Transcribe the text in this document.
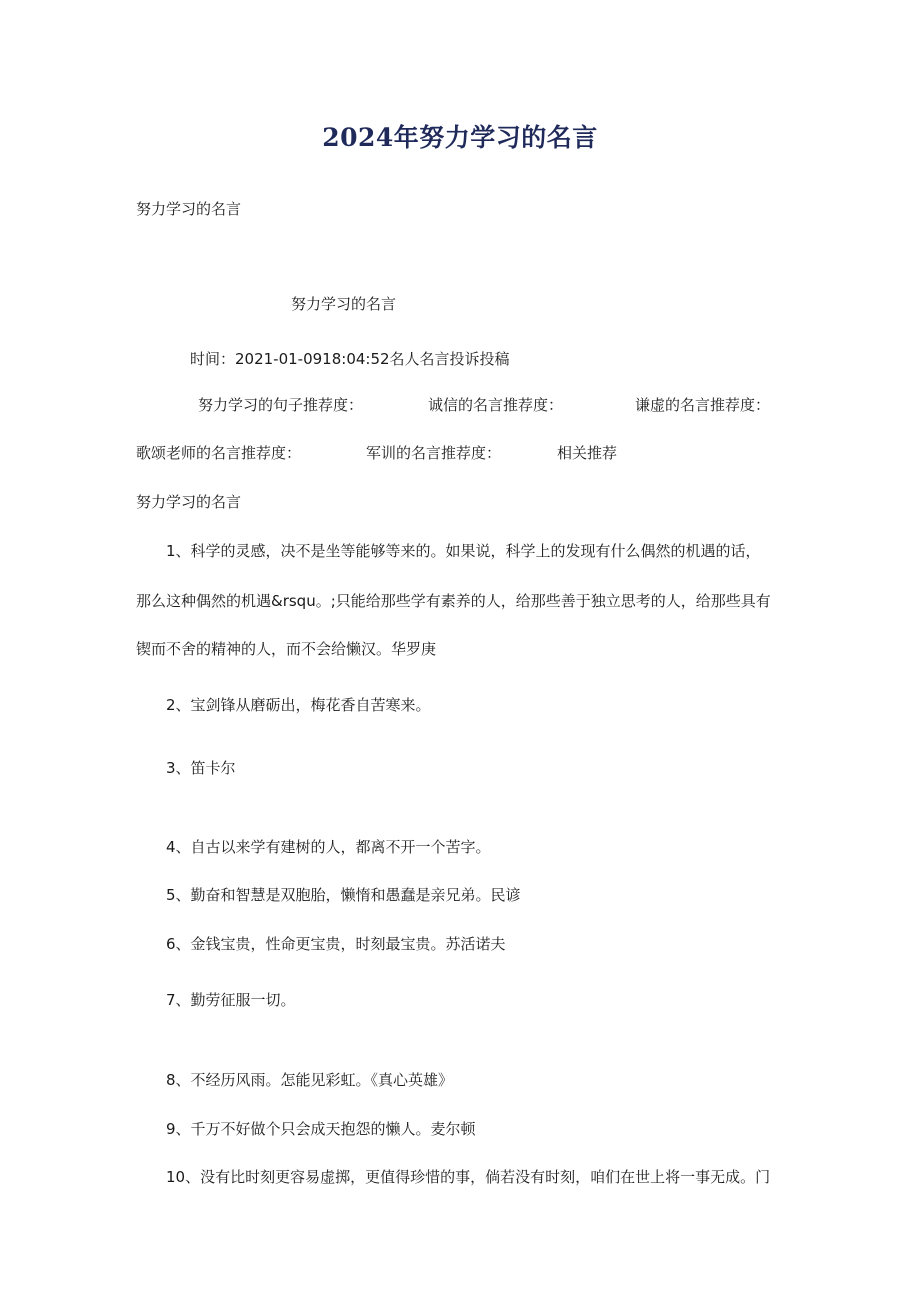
2024年努力学习的名言
努力学习的名言
努力学习的名言
时间：2021-01-0918:04:52名人名言投诉投稿
努力学习的句子推荐度：	诚信的名言推荐度：	谦虚的名言推荐度：
歌颂老师的名言推荐度：	军训的名言推荐度：	相关推荐
努力学习的名言
1、科学的灵感，决不是坐等能够等来的。如果说，科学上的发现有什么偶然的机遇的话，
那么这种偶然的机遇&rsqu。;只能给那些学有素养的人，给那些善于独立思考的人，给那些具有
锲而不舍的精神的人，而不会给懒汉。华罗庚
2、宝剑锋从磨砺出，梅花香自苦寒来。
3、笛卡尔
4、自古以来学有建树的人，都离不开一个苦字。
5、勤奋和智慧是双胞胎，懒惰和愚蠢是亲兄弟。民谚
6、金钱宝贵，性命更宝贵，时刻最宝贵。苏活诺夫
7、勤劳征服一切。
8、不经历风雨。怎能见彩虹。《真心英雄》
9、千万不好做个只会成天抱怨的懒人。麦尔顿
10、没有比时刻更容易虚掷，更值得珍惜的事，倘若没有时刻，咱们在世上将一事无成。门
